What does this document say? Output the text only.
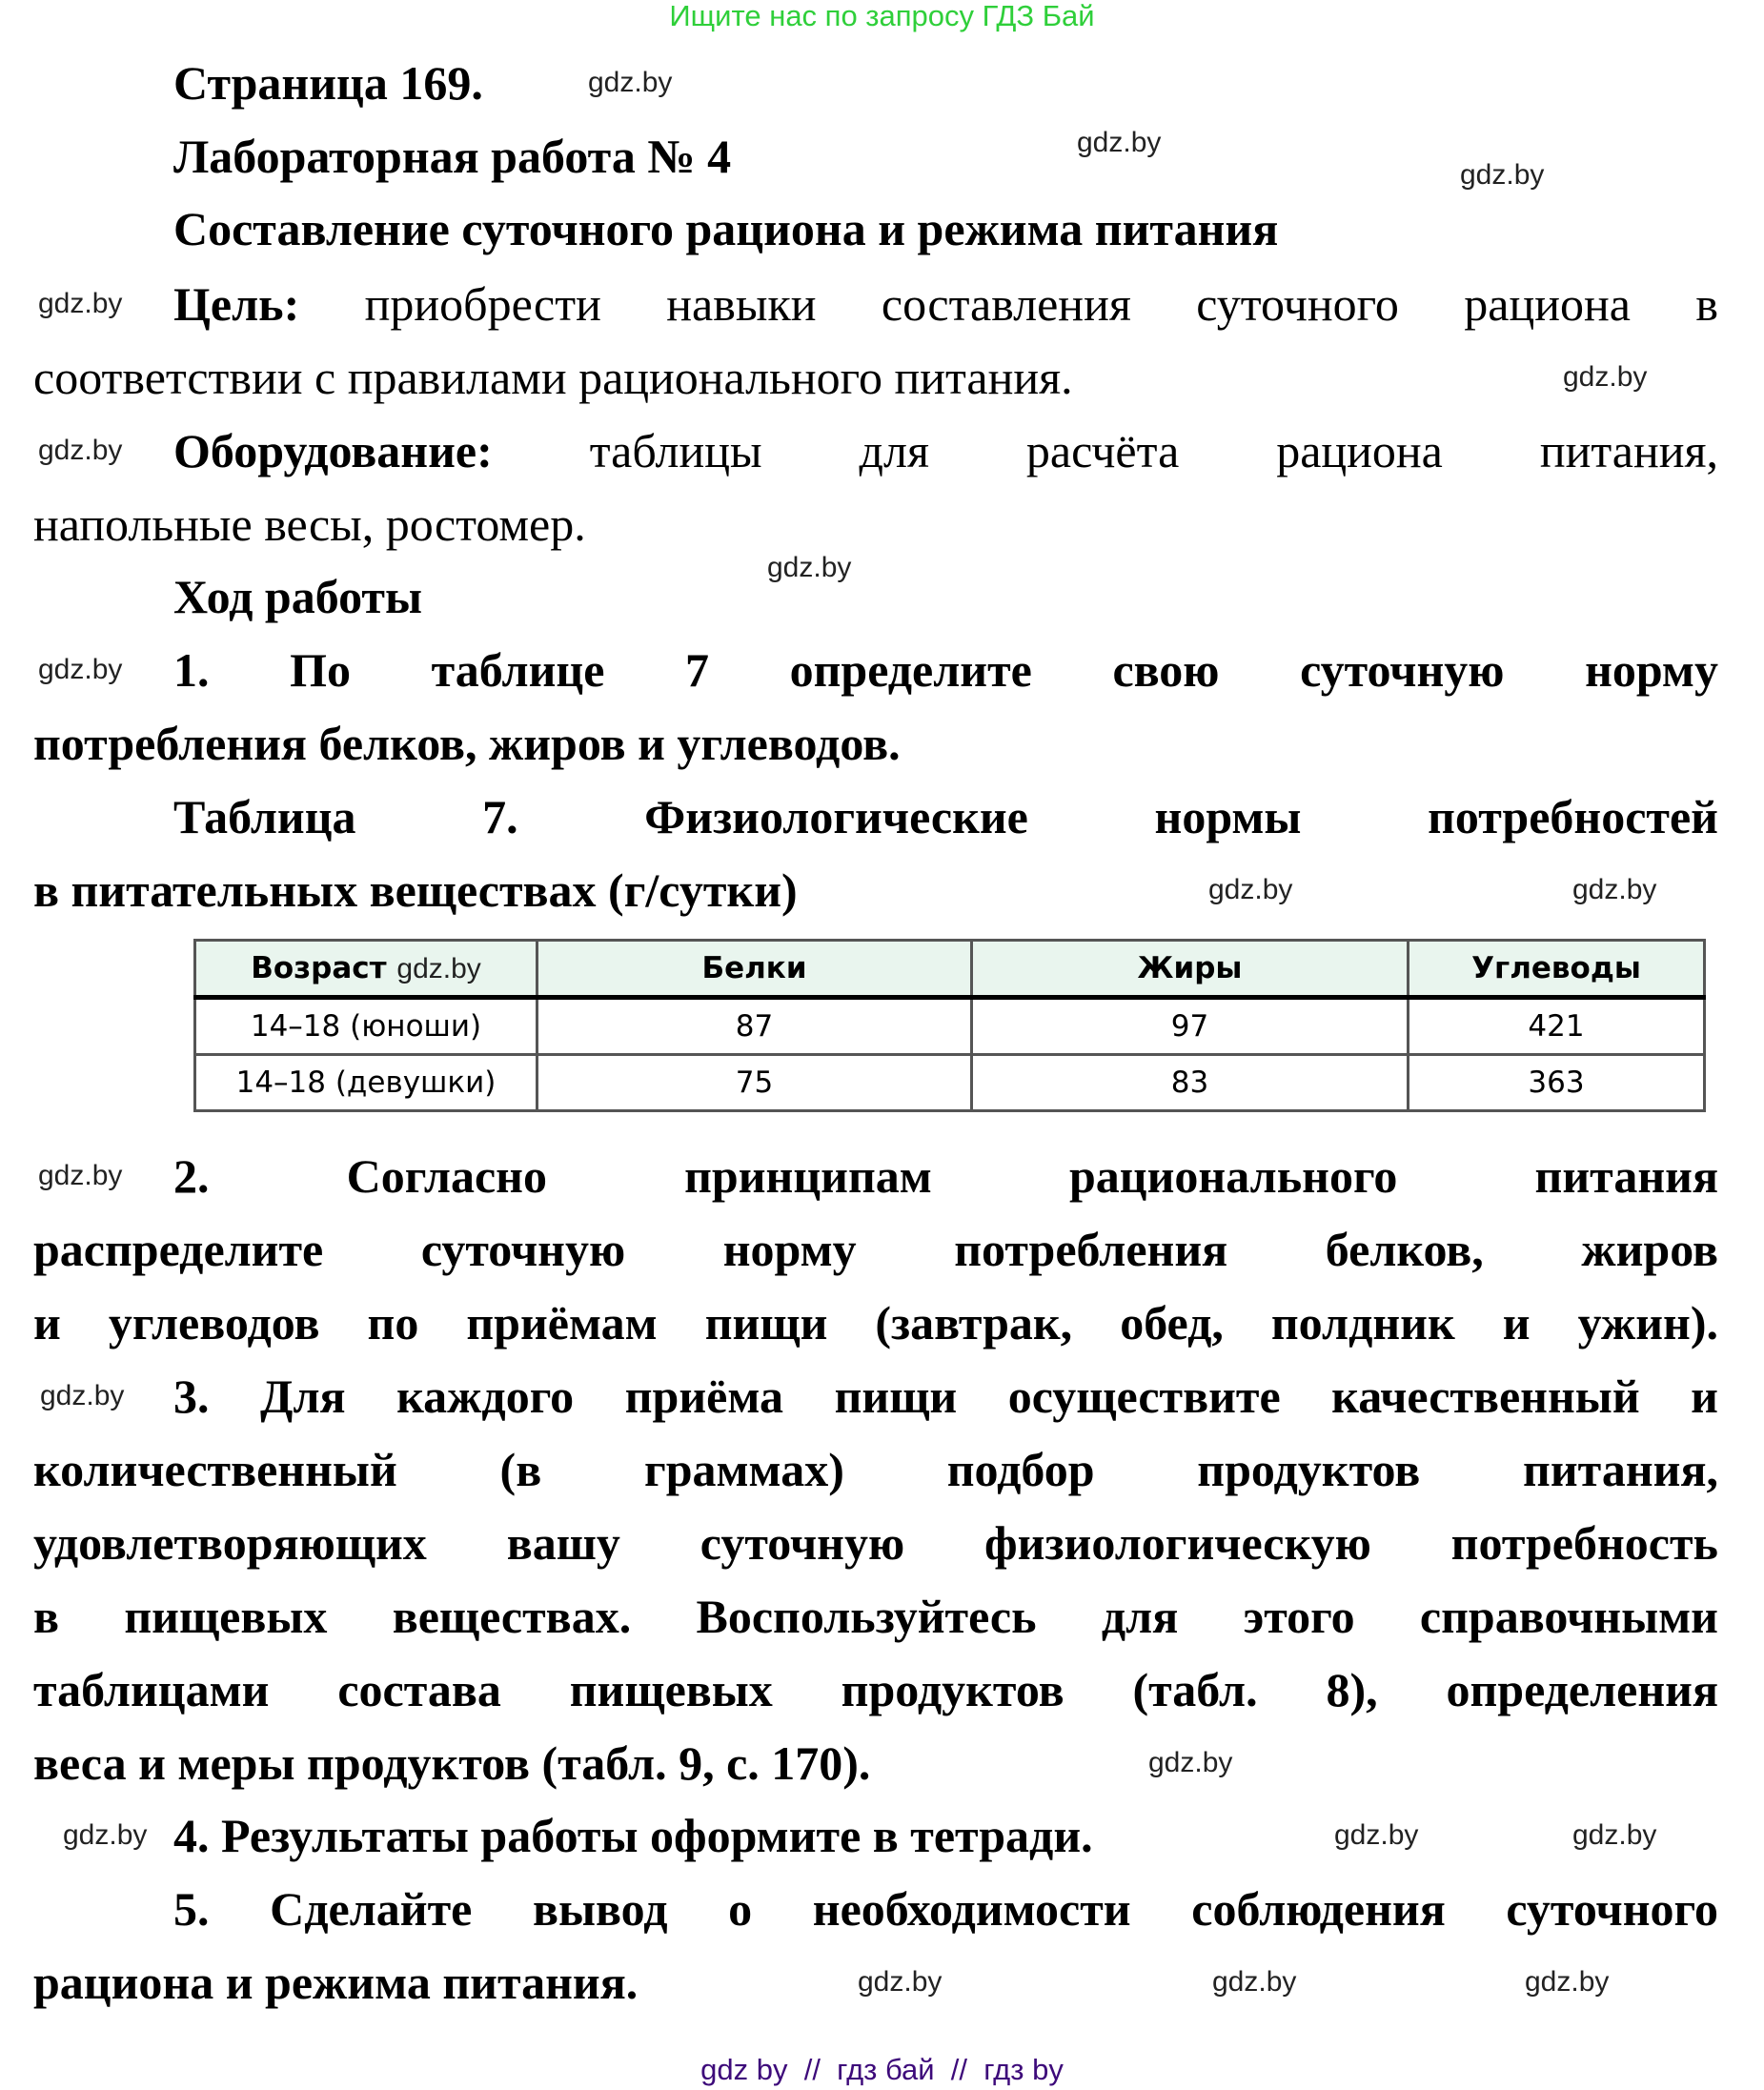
Ищите нас по запросу ГДЗ Бай
Страница 169.
Лабораторная работа № 4
Составление суточного рациона и режима питания
Цель: приобрести навыки составления суточного рациона в
соответствии с правилами рационального питания.
Оборудование: таблицы для расчёта рациона питания,
напольные весы, ростомер.
Ход работы
1. По таблице 7 определите свою суточную норму
потребления белков, жиров и углеводов.
Таблица 7. Физиологические нормы потребностей
в питательных веществах (г/сутки)
2. Согласно принципам рационального питания
распределите суточную норму потребления белков, жиров
и углеводов по приёмам пищи (завтрак, обед, полдник и ужин).
3. Для каждого приёма пищи осуществите качественный и
количественный (в граммах) подбор продуктов питания,
удовлетворяющих вашу суточную физиологическую потребность
в пищевых веществах. Воспользуйтесь для этого справочными
таблицами состава пищевых продуктов (табл. 8), определения
веса и меры продуктов (табл. 9, с. 170).
4. Результаты работы оформите в тетради.
5. Сделайте вывод о необходимости соблюдения суточного
рациона и режима питания.
Возраст gdz.by	Белки	Жиры	Углеводы
14–18 (юноши)	87	97	421
14–18 (девушки)	75	83	363
gdz.by
gdz.by
gdz.by
gdz.by
gdz.by
gdz.by
gdz.by
gdz.by
gdz.by	gdz.by
gdz.by
gdz.by
gdz.by
gdz.by
gdz.by
gdz.by	gdz.by
gdz.by	gdz.by
gdz by  //  гдз бай  //  гдз by
